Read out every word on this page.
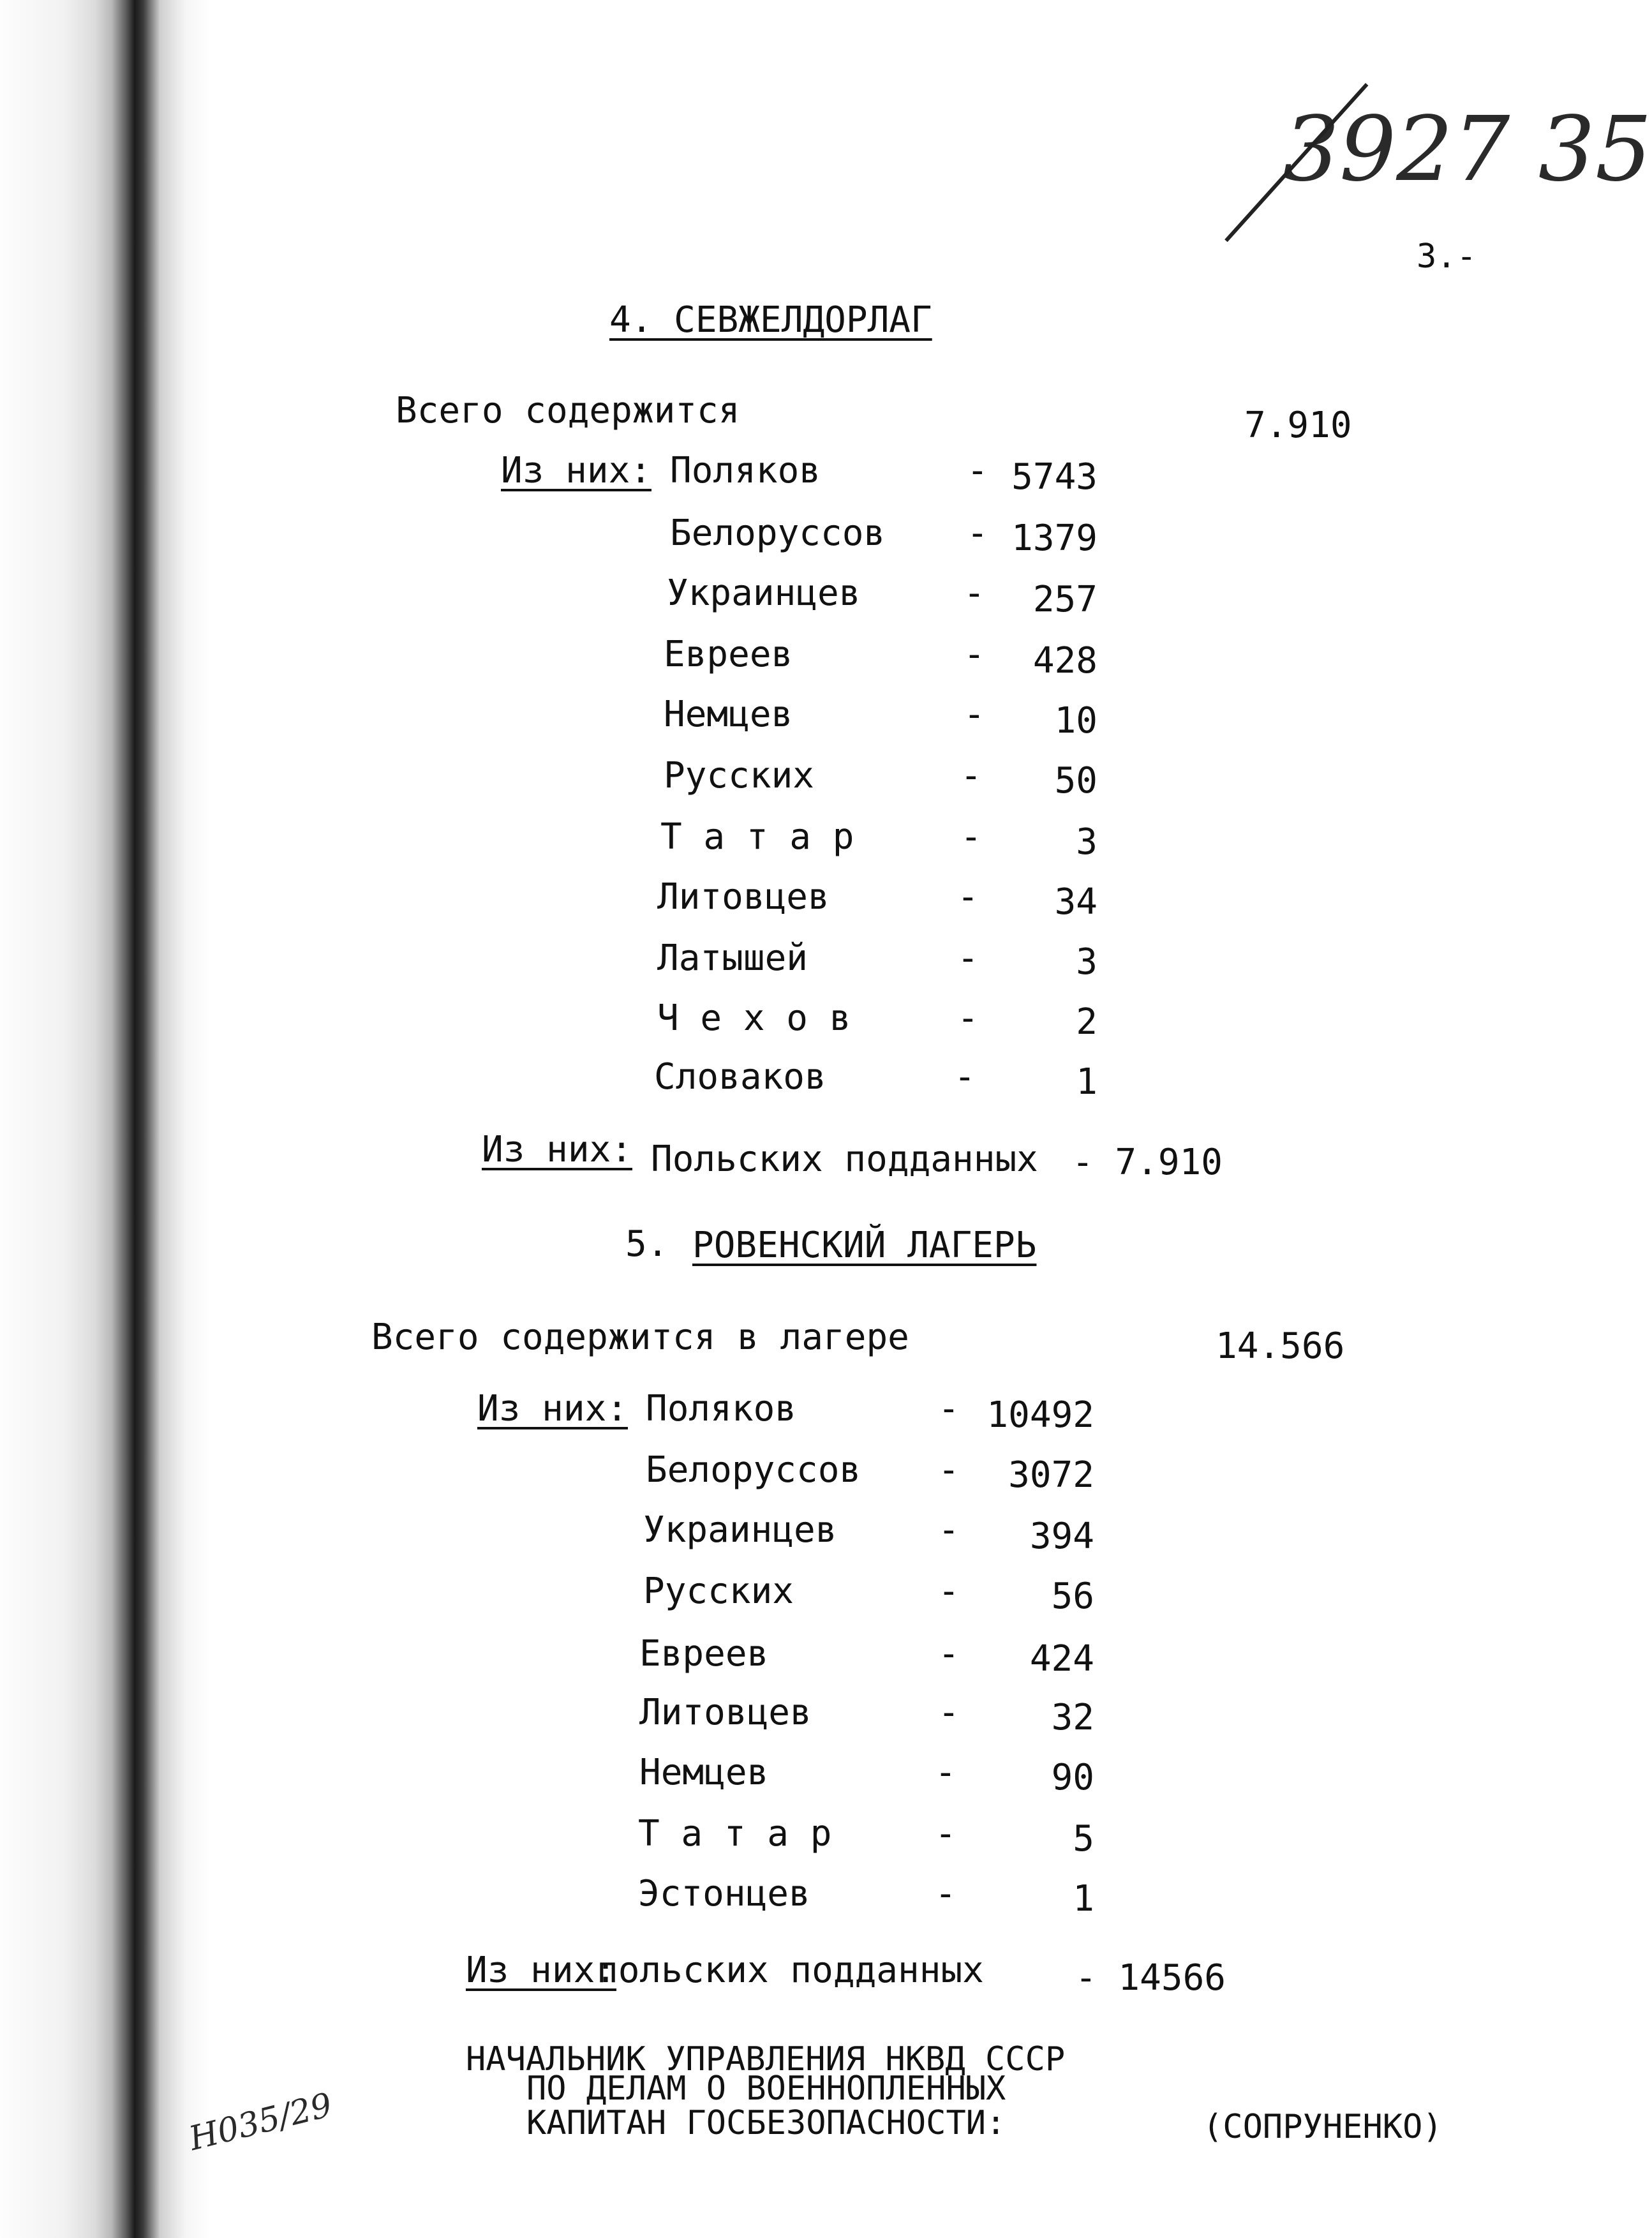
3927 35
3.-
4. СЕВЖЕЛДОРЛАГ
Всего содержится	7.910
Из них: Поляков	- 5743
Белоруссов - 1379
Украинцев	-	257
Евреев	-	428
Немцев	-	10
Русских	-	50
Т а т а р	-	3
Литовцев	-	34
Латышей	-	3
Ч е х о в	-	2
Словаков	-	1
Из них: Польских подданных - 7.910
5. РОВЕНСКИЙ ЛАГЕРЬ
Всего содержится в лагере	14.566
Из них: Поляков	- 10492
Белоруссов -	3072
Украинцев	-	394
Русских	-	56
Евреев	-	424
Литовцев	-	32
Немцев	-	90
Т а т а р	-	5
Эстонцев	-	1
Из них:
польских подданных	- 14566
НАЧАЛЬНИК УПРАВЛЕНИЯ НКВД СССР
ПО ДЕЛАМ О ВОЕННОПЛЕННЫХ
КАПИТАН ГОСБЕЗОПАСНОСТИ:	(СОПРУНЕНКО)
H035/29
